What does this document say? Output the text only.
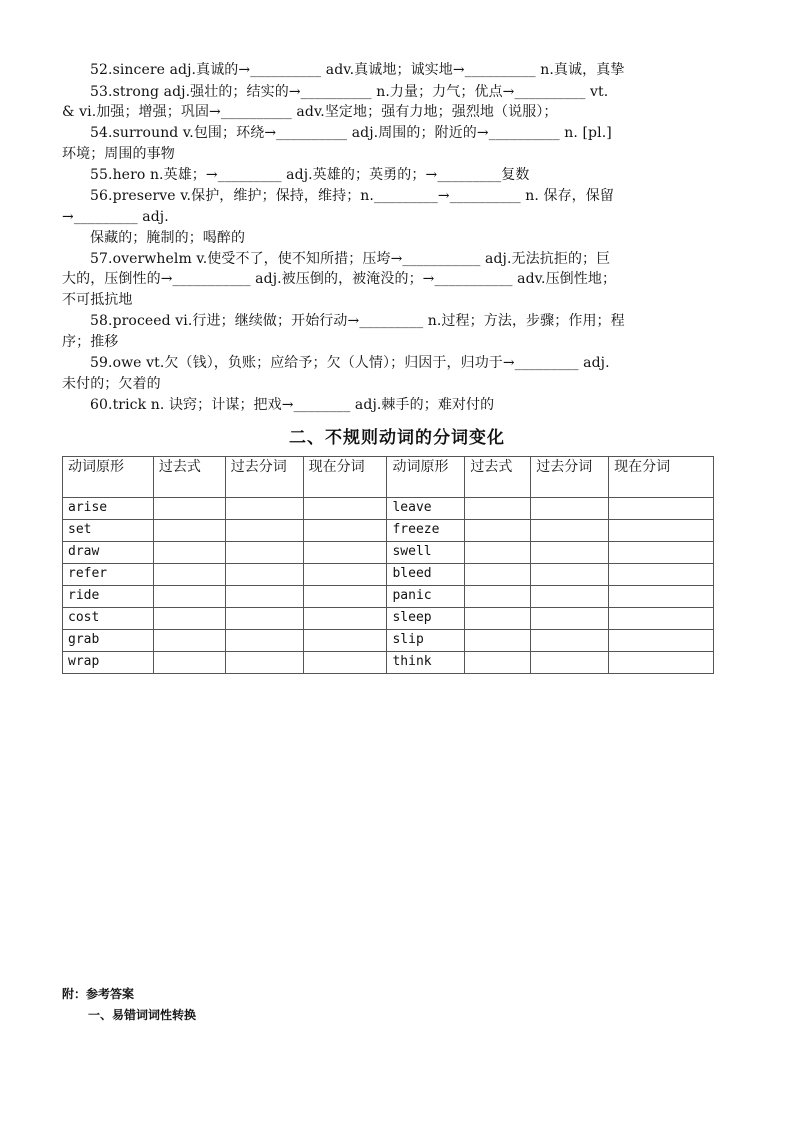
52.sincere adj.真诚的→__________ adv.真诚地；诚实地→__________ n.真诚，真挚
53.strong adj.强壮的；结实的→__________ n.力量；力气；优点→__________ vt.
& vi.加强；增强；巩固→__________ adv.坚定地；强有力地；强烈地（说服）；
54.surround v.包围；环绕→__________ adj.周围的；附近的→__________ n. [pl.]
环境；周围的事物
55.hero n.英雄；→_________ adj.英雄的；英勇的；→_________复数
56.preserve v.保护，维护；保持，维持；n._________→__________ n. 保存，保留
→_________ adj.
保藏的；腌制的；喝醉的
57.overwhelm v.使受不了，使不知所措；压垮→___________ adj.无法抗拒的；巨
大的，压倒性的→___________ adj.被压倒的，被淹没的；→___________ adv.压倒性地；
不可抵抗地
58.proceed vi.行进；继续做；开始行动→_________ n.过程；方法，步骤；作用；程
序；推移
59.owe vt.欠（钱），负账；应给予；欠（人情）；归因于，归功于→_________ adj.
未付的；欠着的
60.trick n. 诀窍；计谋；把戏→________ adj.棘手的；难对付的
二、不规则动词的分词变化
动词原形	过去式	过去分词	现在分词	动词原形	过去式	过去分词	现在分词
arise				leave			
set				freeze			
draw				swell			
refer				bleed			
ride				panic			
cost				sleep			
grab				slip			
wrap				think			
附：参考答案
一、易错词词性转换
